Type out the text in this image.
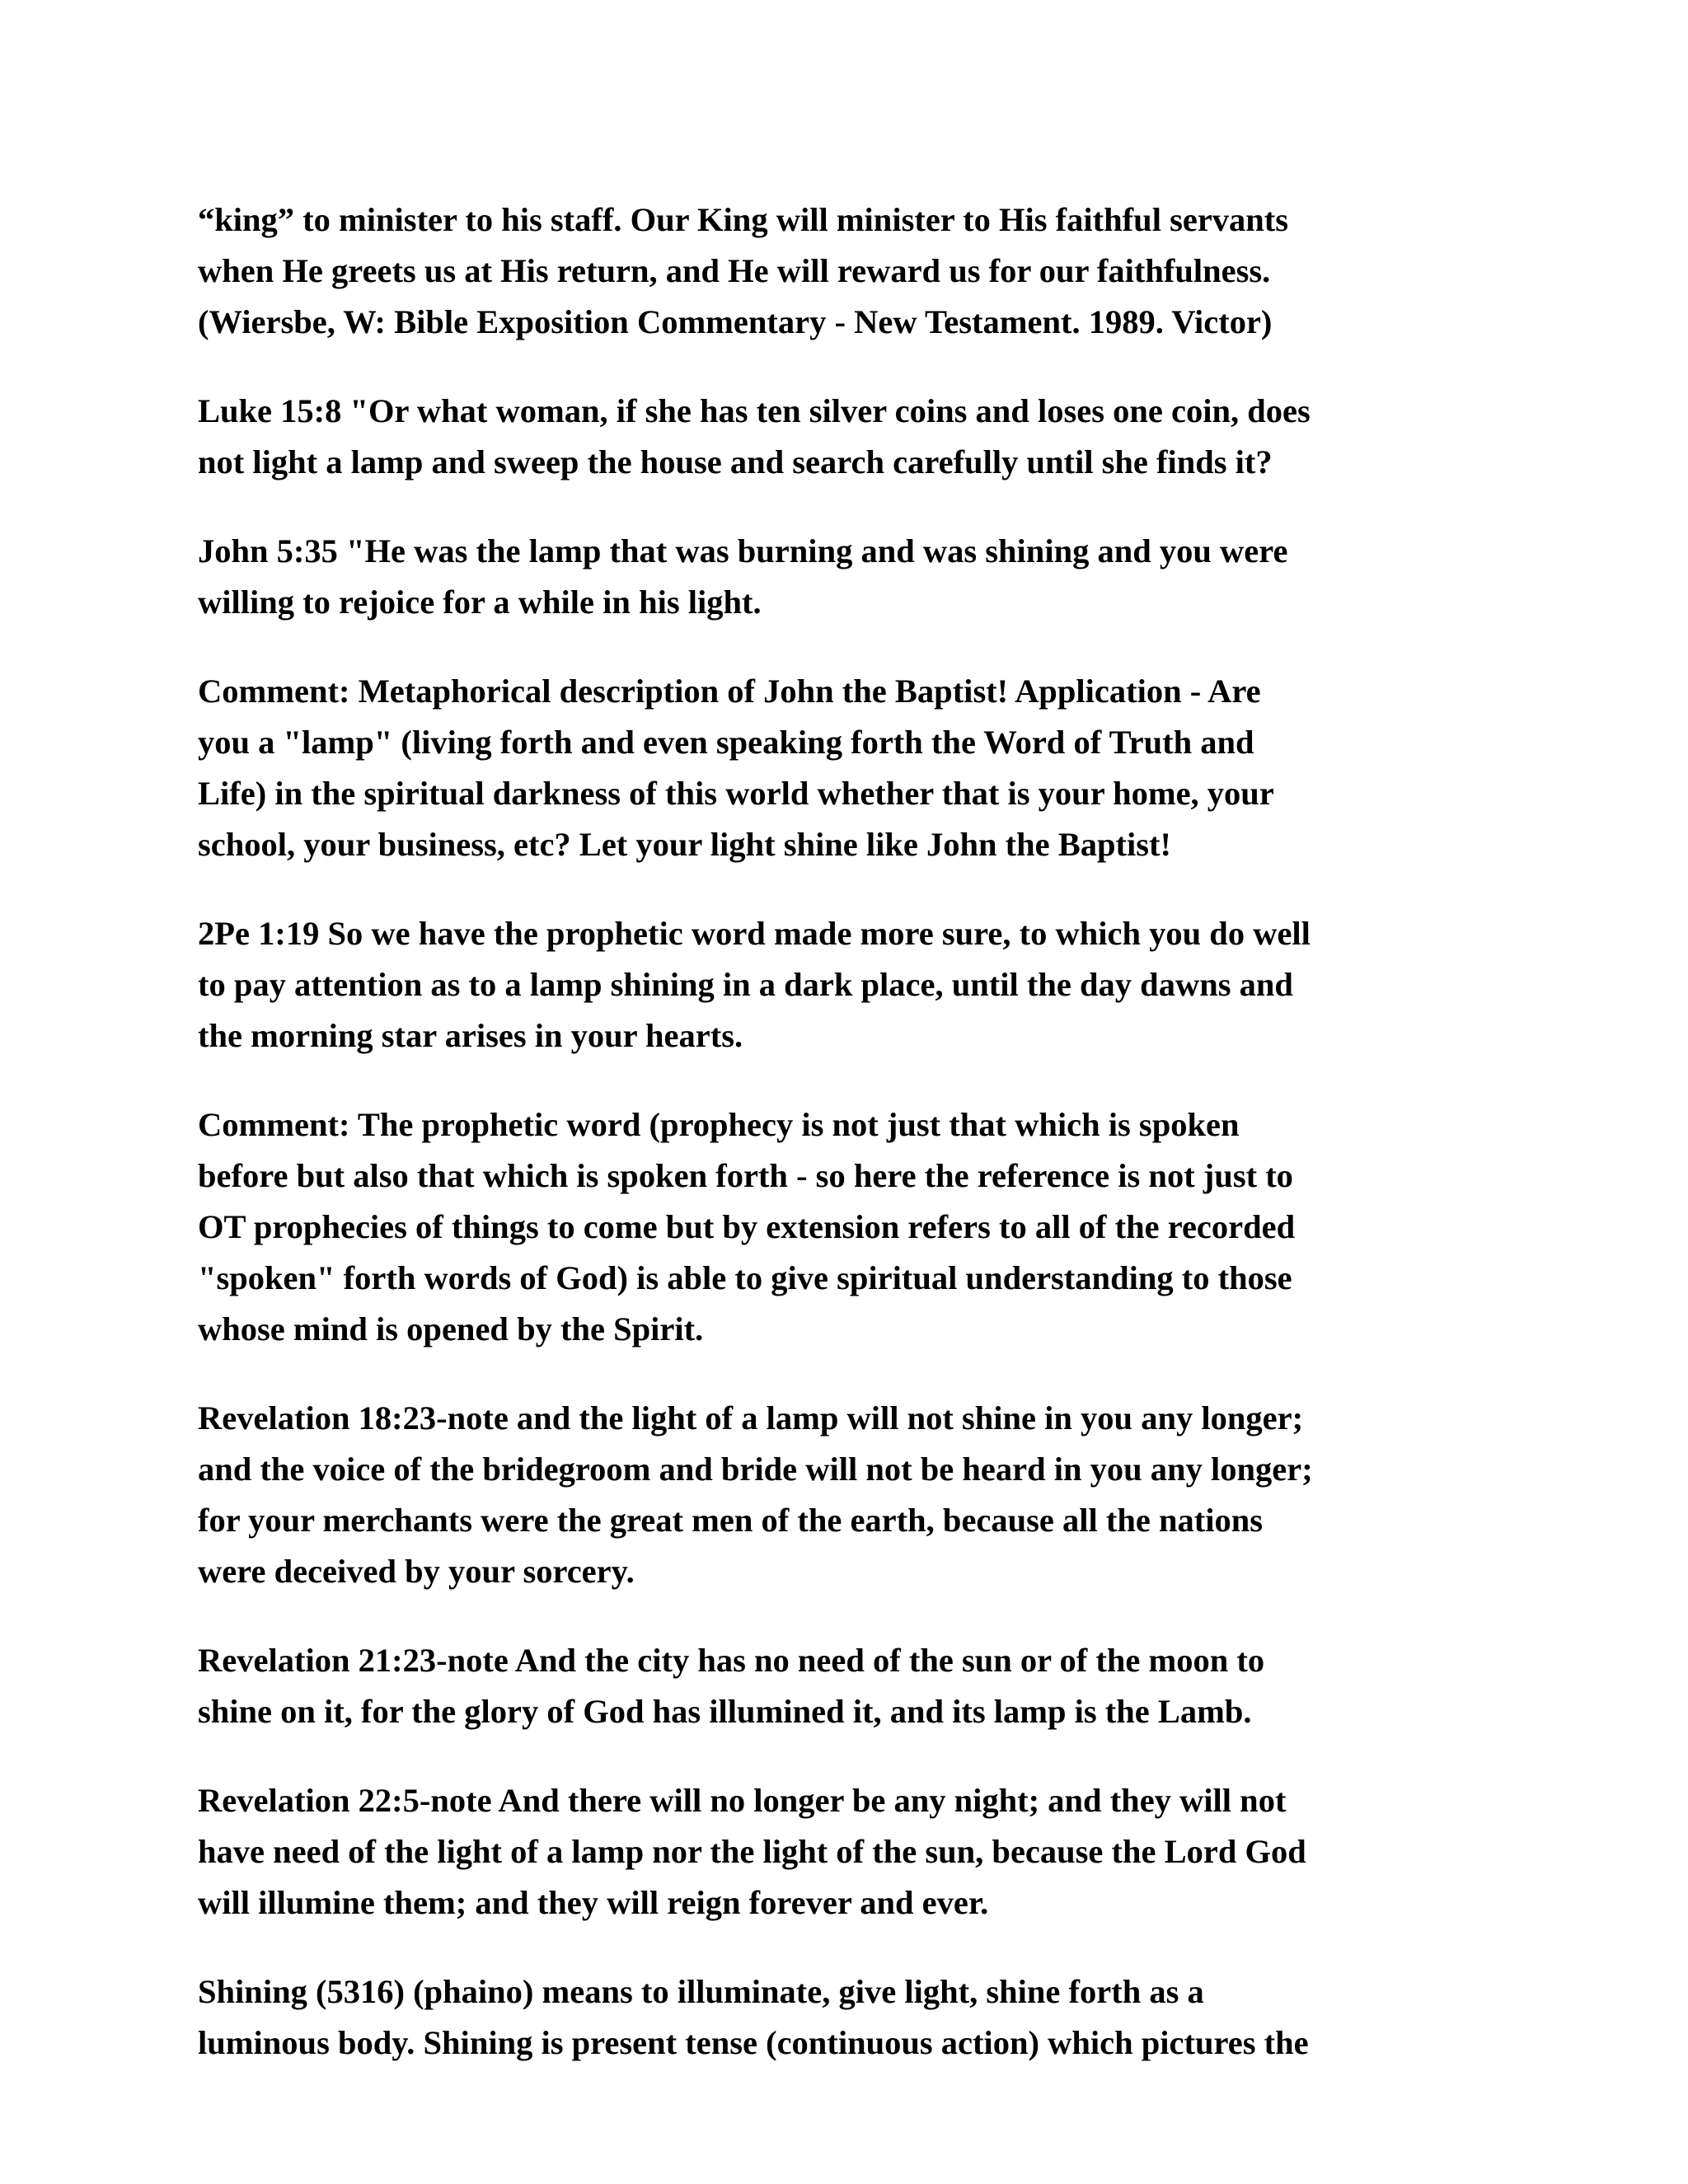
“king” to minister to his staff. Our King will minister to His faithful servants
when He greets us at His return, and He will reward us for our faithfulness.
(Wiersbe, W: Bible Exposition Commentary - New Testament. 1989. Victor)

Luke 15:8 "Or what woman, if she has ten silver coins and loses one coin, does
not light a lamp and sweep the house and search carefully until she finds it?

John 5:35 "He was the lamp that was burning and was shining and you were
willing to rejoice for a while in his light.

Comment: Metaphorical description of John the Baptist! Application - Are
you a "lamp" (living forth and even speaking forth the Word of Truth and
Life) in the spiritual darkness of this world whether that is your home, your
school, your business, etc? Let your light shine like John the Baptist!

2Pe 1:19 So we have the prophetic word made more sure, to which you do well
to pay attention as to a lamp shining in a dark place, until the day dawns and
the morning star arises in your hearts.

Comment: The prophetic word (prophecy is not just that which is spoken
before but also that which is spoken forth - so here the reference is not just to
OT prophecies of things to come but by extension refers to all of the recorded
"spoken" forth words of God) is able to give spiritual understanding to those
whose mind is opened by the Spirit.

Revelation 18:23-note and the light of a lamp will not shine in you any longer;
and the voice of the bridegroom and bride will not be heard in you any longer;
for your merchants were the great men of the earth, because all the nations
were deceived by your sorcery.

Revelation 21:23-note And the city has no need of the sun or of the moon to
shine on it, for the glory of God has illumined it, and its lamp is the Lamb.

Revelation 22:5-note And there will no longer be any night; and they will not
have need of the light of a lamp nor the light of the sun, because the Lord God
will illumine them; and they will reign forever and ever.

Shining (5316) (phaino) means to illuminate, give light, shine forth as a
luminous body. Shining is present tense (continuous action) which pictures the
